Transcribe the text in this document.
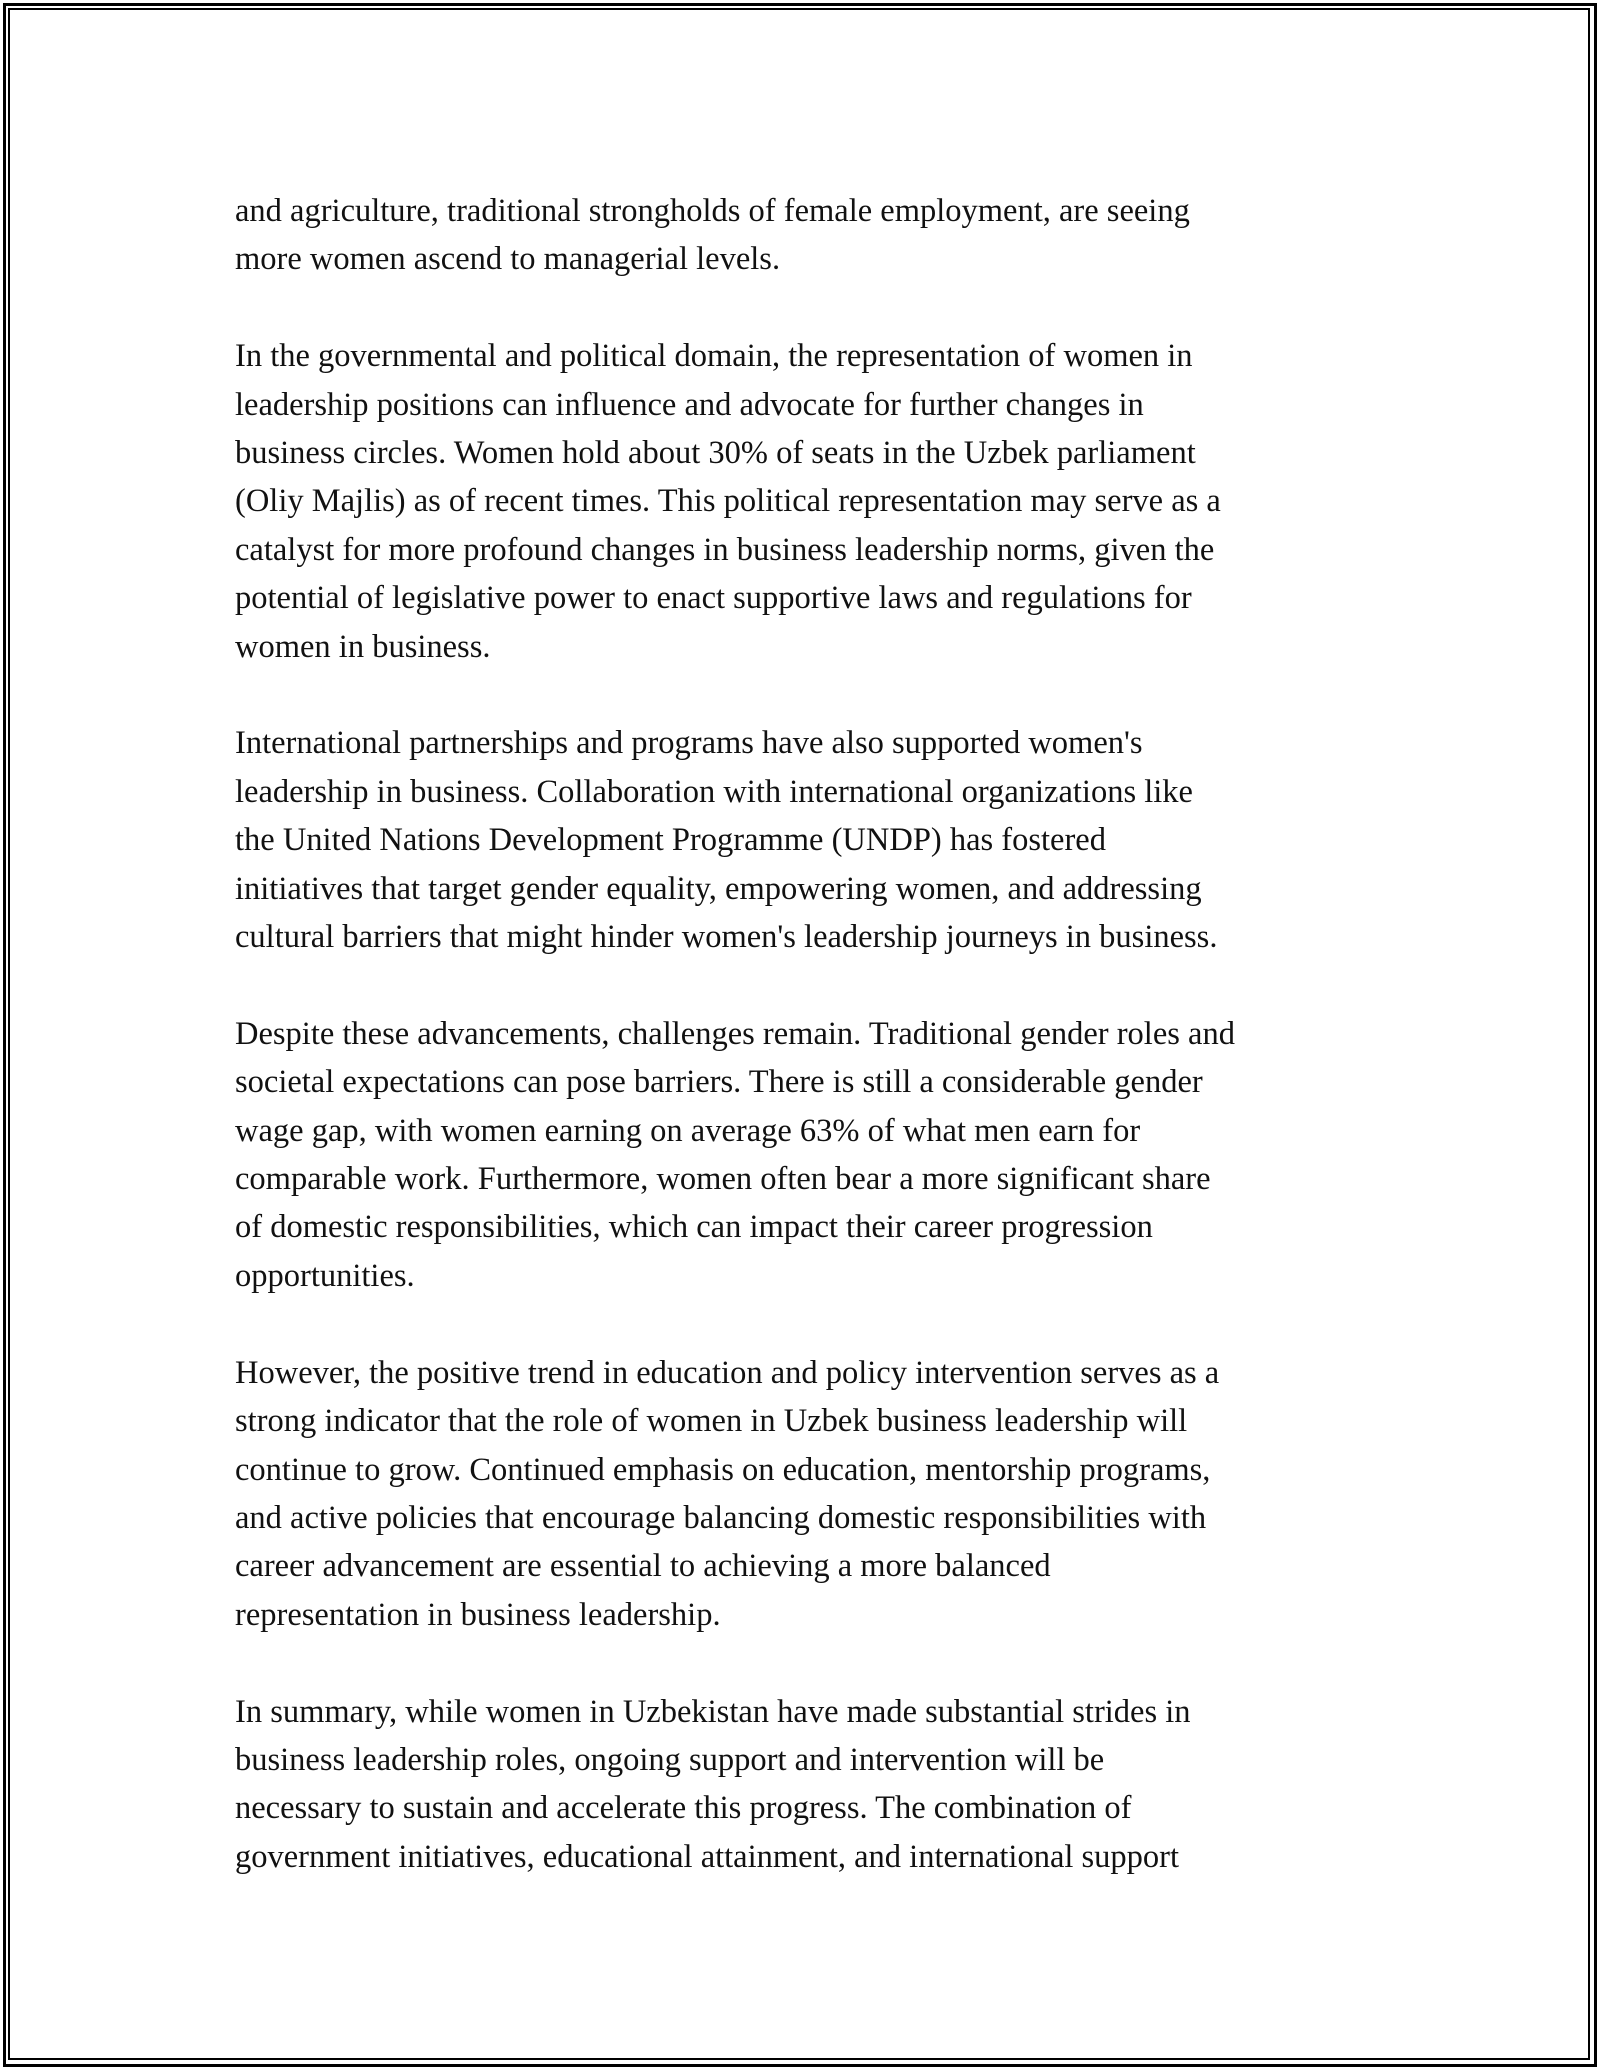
and agriculture, traditional strongholds of female employment, are seeing
more women ascend to managerial levels.

In the governmental and political domain, the representation of women in
leadership positions can influence and advocate for further changes in
business circles. Women hold about 30% of seats in the Uzbek parliament
(Oliy Majlis) as of recent times. This political representation may serve as a
catalyst for more profound changes in business leadership norms, given the
potential of legislative power to enact supportive laws and regulations for
women in business.

International partnerships and programs have also supported women's
leadership in business. Collaboration with international organizations like
the United Nations Development Programme (UNDP) has fostered
initiatives that target gender equality, empowering women, and addressing
cultural barriers that might hinder women's leadership journeys in business.

Despite these advancements, challenges remain. Traditional gender roles and
societal expectations can pose barriers. There is still a considerable gender
wage gap, with women earning on average 63% of what men earn for
comparable work. Furthermore, women often bear a more significant share
of domestic responsibilities, which can impact their career progression
opportunities.

However, the positive trend in education and policy intervention serves as a
strong indicator that the role of women in Uzbek business leadership will
continue to grow. Continued emphasis on education, mentorship programs,
and active policies that encourage balancing domestic responsibilities with
career advancement are essential to achieving a more balanced
representation in business leadership.

In summary, while women in Uzbekistan have made substantial strides in
business leadership roles, ongoing support and intervention will be
necessary to sustain and accelerate this progress. The combination of
government initiatives, educational attainment, and international support
